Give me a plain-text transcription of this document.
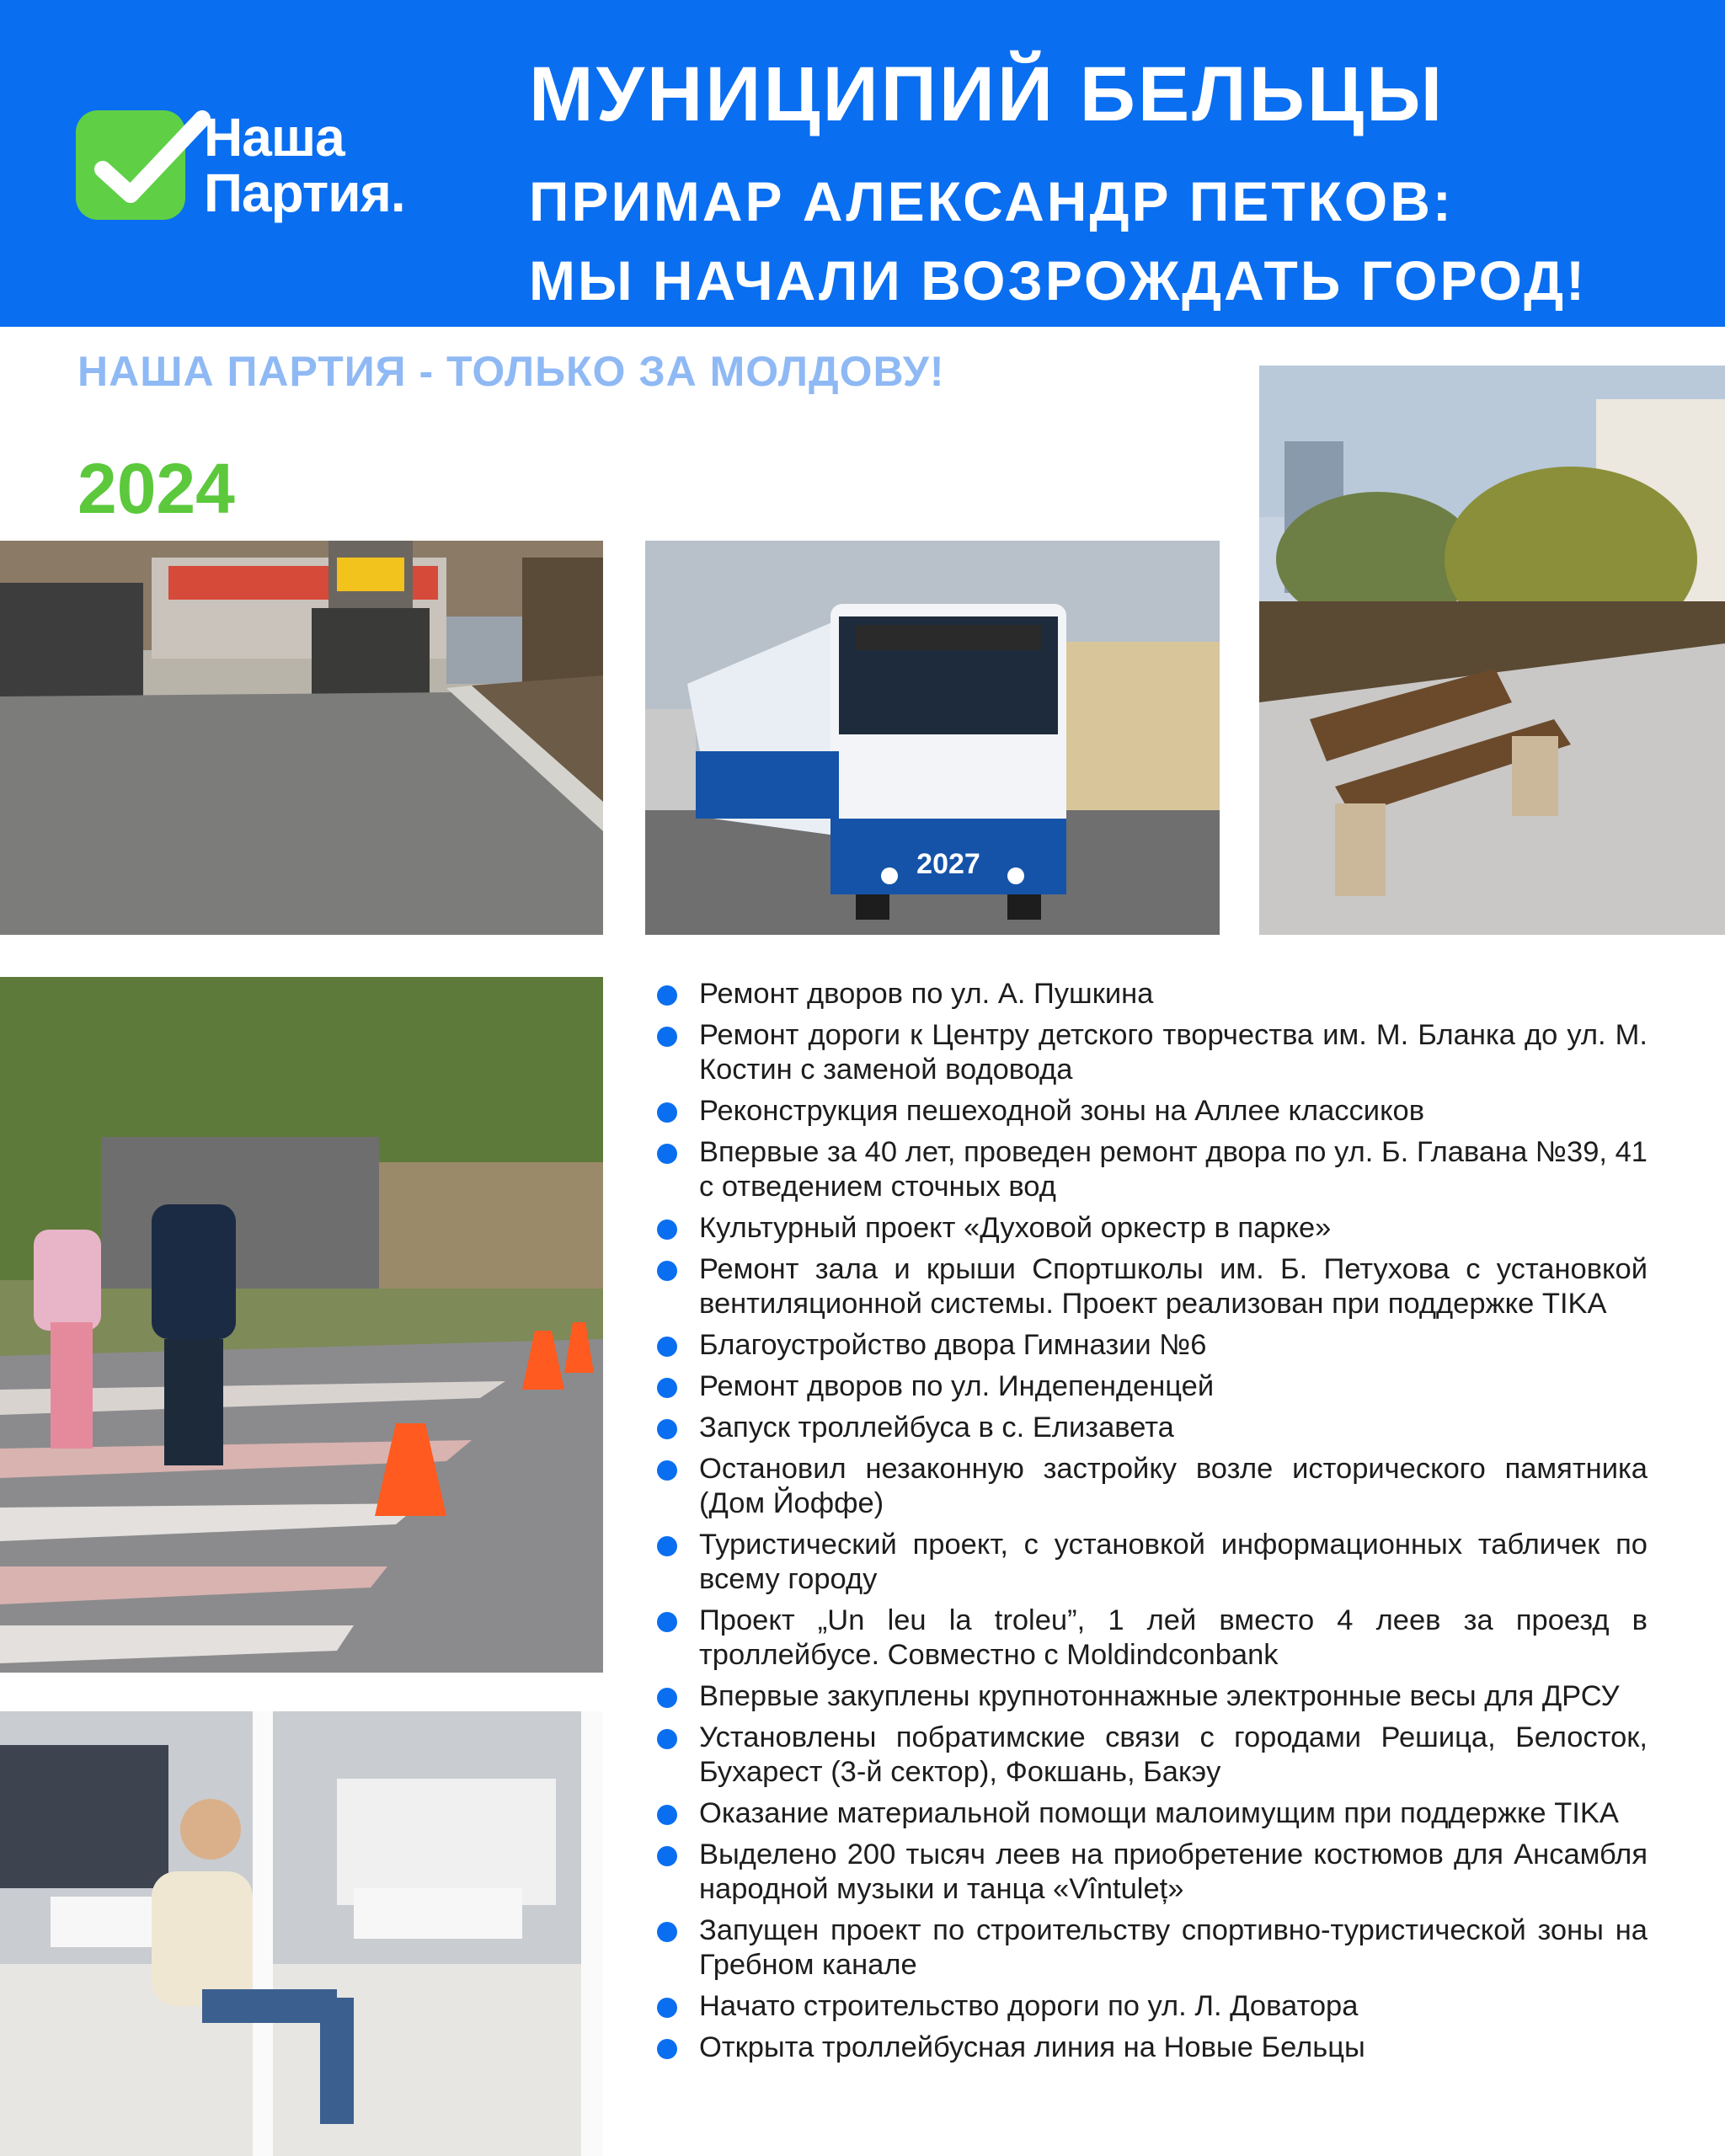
Наша
Партия.
МУНИЦИПИЙ БЕЛЬЦЫ
ПРИМАР АЛЕКСАНДР ПЕТКОВ:
МЫ НАЧАЛИ ВОЗРОЖДАТЬ ГОРОД!
НАША ПАРТИЯ - ТОЛЬКО ЗА МОЛДОВУ!
2024
2027
Ремонт дворов по ул. А. Пушкина
Ремонт дороги к Центру детского творчества им. М. Бланка до ул. М. Костин с заменой водовода
Реконструкция пешеходной зоны на Аллее классиков
Впервые за 40 лет, проведен ремонт двора по ул. Б. Главана №39, 41 с отведением сточных вод
Культурный проект «Духовой оркестр в парке»
Ремонт зала и крыши Спортшколы им. Б. Петухова с установкой вентиляционной системы. Проект реализован при поддержке TIKA
Благоустройство двора Гимназии №6
Ремонт дворов по ул. Индепенденцей
Запуск троллейбуса в с. Елизавета
Остановил незаконную застройку возле исторического памятника (Дом Йоффе)
Туристический проект, с установкой информационных табличек по всему городу
Проект „Un leu la troleu”, 1 лей вместо 4 леев за проезд в троллейбусе. Совместно с Moldindconbank
Впервые закуплены крупнотоннажные электронные весы для ДРСУ
Установлены побратимские связи с городами Решица, Белосток, Бухарест (3-й сектор), Фокшань, Бакэу
Оказание материальной помощи малоимущим при поддержке TIKA
Выделено 200 тысяч леев на приобретение костюмов для Ансамбля народной музыки и танца «Vîntuleț»
Запущен проект по строительству спортивно-туристической зоны на Гребном канале
Начато строительство дороги по ул. Л. Доватора
Открыта троллейбусная линия на Новые Бельцы
